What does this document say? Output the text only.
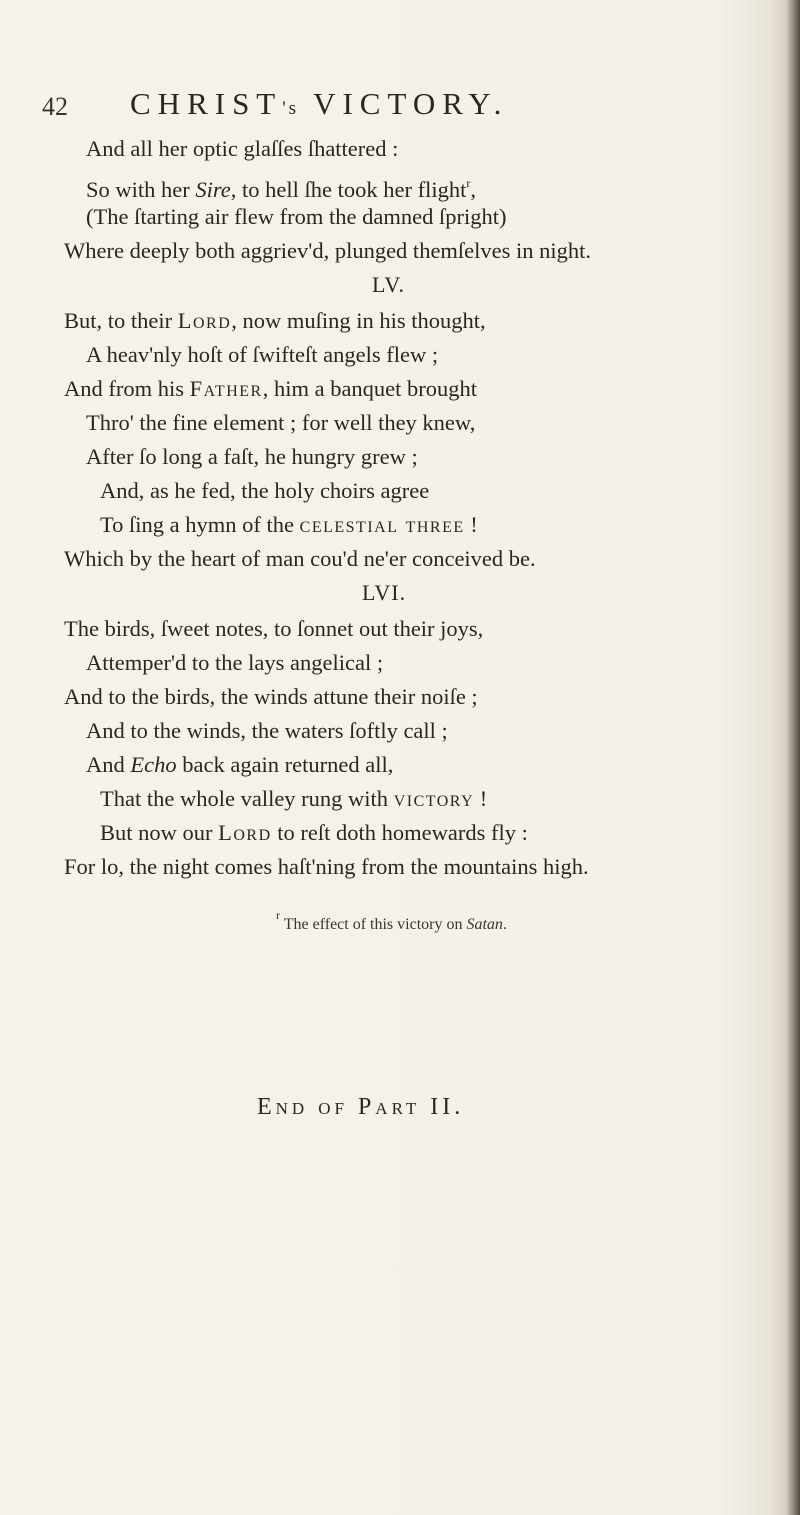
42 CHRIST's VICTORY.
And all her optic glaſſes ſhattered :
So with her Sire, to hell ſhe took her flight$^r$,
(The ſtarting air flew from the damned ſpright)
Where deeply both aggriev'd, plunged themſelves in night.
LV.
But, to their Lord, now muſing in his thought,
A heav'nly hoſt of ſwifteſt angels flew ;
And from his Father, him a banquet brought
Thro' the fine element ; for well they knew,
After ſo long a faſt, he hungry grew ;
And, as he fed, the holy choirs agree
To ſing a hymn of the celestial three !
Which by the heart of man cou'd ne'er conceived be.
LVI.
The birds, ſweet notes, to ſonnet out their joys,
Attemper'd to the lays angelical ;
And to the birds, the winds attune their noiſe ;
And to the winds, the waters ſoftly call ;
And Echo back again returned all,
That the whole valley rung with victory !
But now our Lord to reſt doth homewards fly :
For lo, the night comes haſt'ning from the mountains high.
$^r$ The effect of this victory on Satan.
End of Part II.
